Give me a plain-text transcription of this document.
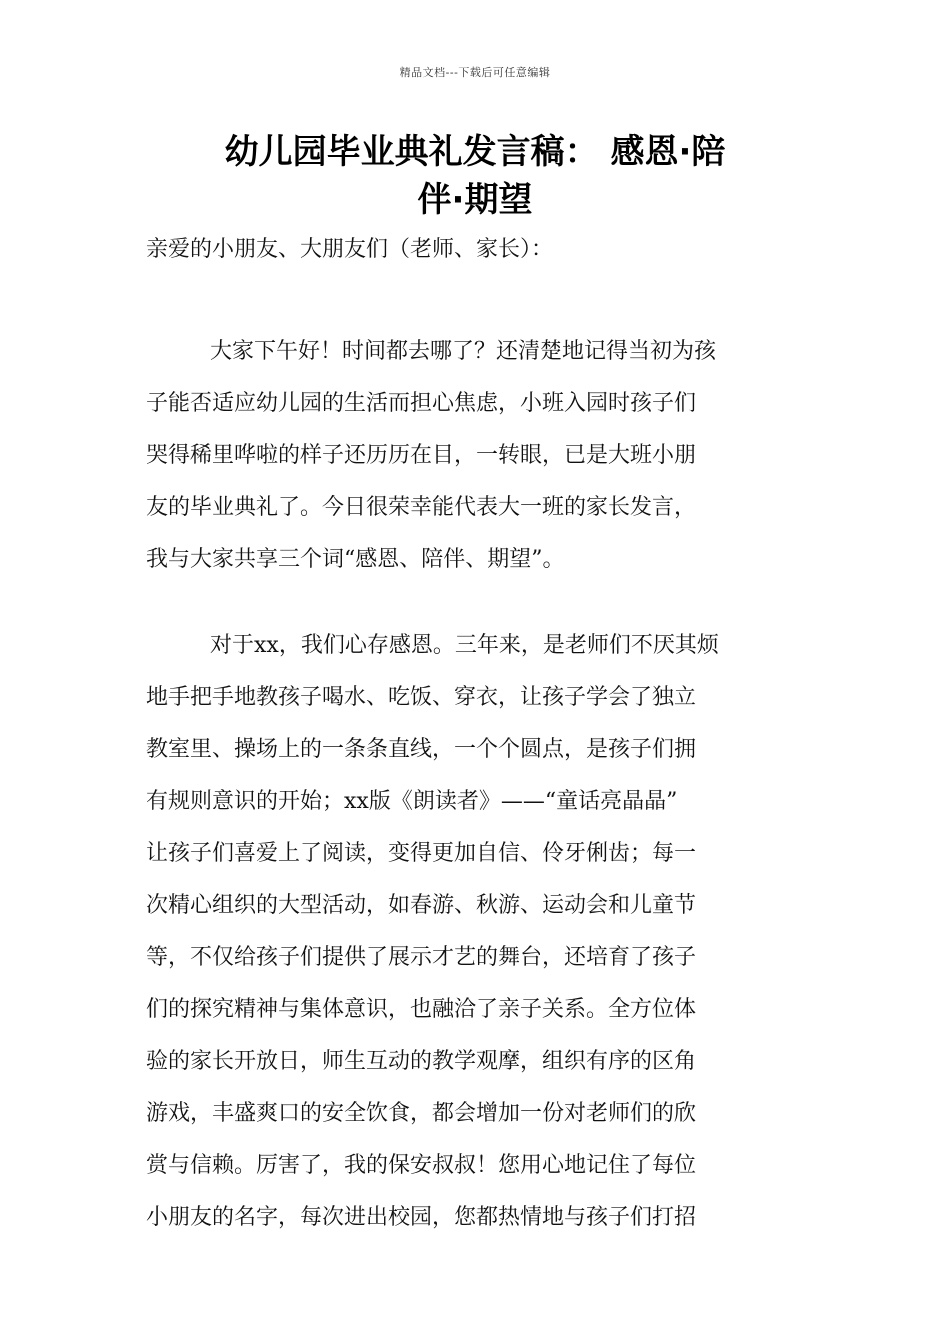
精品文档---下载后可任意编辑
幼儿园毕业典礼发言稿： 感恩·陪
伴·期望
亲爱的小朋友、大朋友们（老师、家长）：
大家下午好！时间都去哪了？还清楚地记得当初为孩
子能否适应幼儿园的生活而担心焦虑，小班入园时孩子们
哭得稀里哗啦的样子还历历在目，一转眼，已是大班小朋
友的毕业典礼了。今日很荣幸能代表大一班的家长发言，
我与大家共享三个词“感恩、陪伴、期望”。
对于xx，我们心存感恩。三年来，是老师们不厌其烦
地手把手地教孩子喝水、吃饭、穿衣，让孩子学会了独立
教室里、操场上的一条条直线，一个个圆点，是孩子们拥
有规则意识的开始；xx版《朗读者》——“童话亮晶晶”
让孩子们喜爱上了阅读，变得更加自信、伶牙俐齿；每一
次精心组织的大型活动，如春游、秋游、运动会和儿童节
等，不仅给孩子们提供了展示才艺的舞台，还培育了孩子
们的探究精神与集体意识，也融洽了亲子关系。全方位体
验的家长开放日，师生互动的教学观摩，组织有序的区角
游戏，丰盛爽口的安全饮食，都会增加一份对老师们的欣
赏与信赖。厉害了，我的保安叔叔！您用心地记住了每位
小朋友的名字，每次进出校园，您都热情地与孩子们打招
